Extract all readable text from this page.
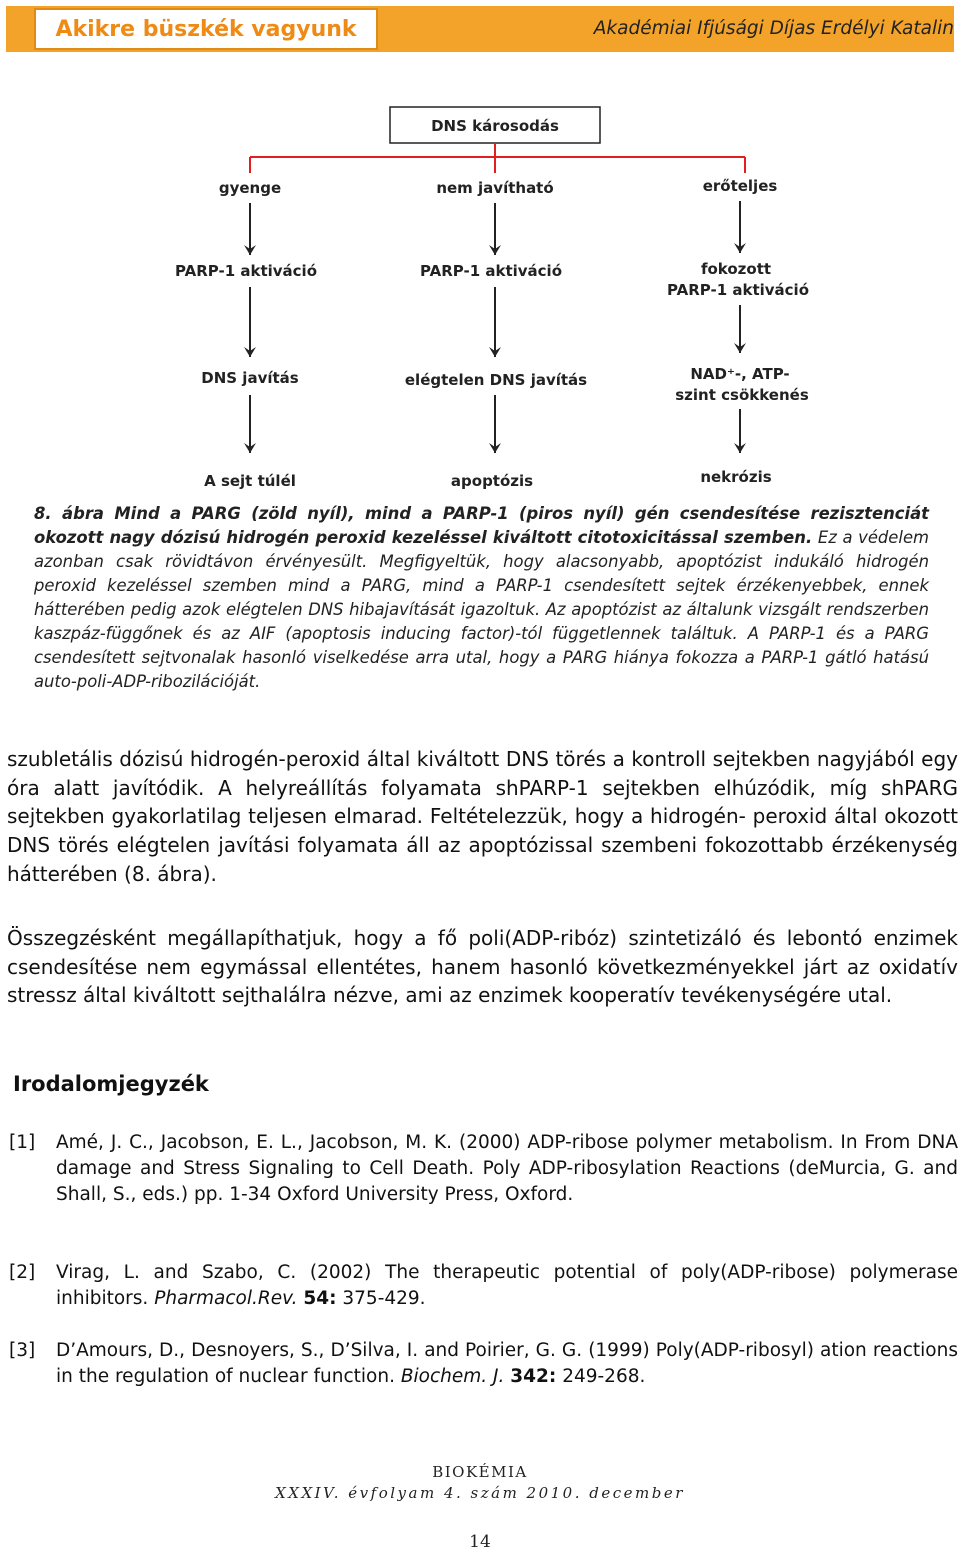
Akikre büszkék vagyunk	Akadémiai Ifjúsági Díjas Erdélyi Katalin
DNS károsodás
gyenge	nem javítható	erőteljes
PARP-1 aktiváció	PARP-1 aktiváció	fokozott
PARP-1 aktiváció
DNS javítás	elégtelen DNS javítás	NAD⁺-, ATP-
szint csökkenés
A sejt túlél	apoptózis	nekrózis
8. ábra Mind a PARG (zöld nyíl), mind a PARP-1 (piros nyíl) gén csendesítése rezisztenciát okozott nagy dózisú hidrogén peroxid kezeléssel kiváltott citotoxicitással szemben. Ez a védelem azonban csak rövidtávon érvényesült. Megfigyeltük, hogy alacsonyabb, apoptózist indukáló hidrogén peroxid kezeléssel szemben mind a PARG, mind a PARP-1 csendesített sejtek érzékenyebbek, ennek hátterében pedig azok elégtelen DNS hibajavítását igazoltuk. Az apoptózist az általunk vizsgált rendszerben kaszpáz-függőnek és az AIF (apoptosis inducing factor)-tól függetlennek találtuk. A PARP-1 és a PARG csendesített sejtvonalak hasonló viselkedése arra utal, hogy a PARG hiánya fokozza a PARP-1 gátló hatású auto-poli-ADP-ribozilációját.
szubletális dózisú hidrogén-peroxid által kiváltott DNS törés a kontroll sejtekben nagyjából egy óra alatt javítódik. A helyreállítás folyamata shPARP-1 sejtekben elhúzódik, míg shPARG sejtekben gyakorlatilag teljesen elmarad. Feltételezzük, hogy a hidrogén- peroxid által okozott DNS törés elégtelen javítási folyamata áll az apoptózissal szembeni fokozottabb érzékenység hátterében (8. ábra).
Összegzésként megállapíthatjuk, hogy a fő poli(ADP-ribóz) szintetizáló és lebontó enzimek csendesítése nem egymással ellentétes, hanem hasonló következményekkel járt az oxidatív stressz által kiváltott sejthalálra nézve, ami az enzimek kooperatív tevékenységére utal.
Irodalomjegyzék
[1] Amé, J. C., Jacobson, E. L., Jacobson, M. K. (2000) ADP-ribose polymer metabolism. In From DNA damage and Stress Signaling to Cell Death. Poly ADP-ribosylation Reactions (deMurcia, G. and Shall, S., eds.) pp. 1-34 Oxford University Press, Oxford.
[2] Virag, L. and Szabo, C. (2002) The therapeutic potential of poly(ADP-ribose) polymerase inhibitors. Pharmacol.Rev. 54: 375-429.
[3] D’Amours, D., Desnoyers, S., D’Silva, I. and Poirier, G. G. (1999) Poly(ADP-ribosyl) ation reactions in the regulation of nuclear function. Biochem. J. 342: 249-268.
BIOKÉMIA
XXXIV. évfolyam 4. szám 2010. december
14
